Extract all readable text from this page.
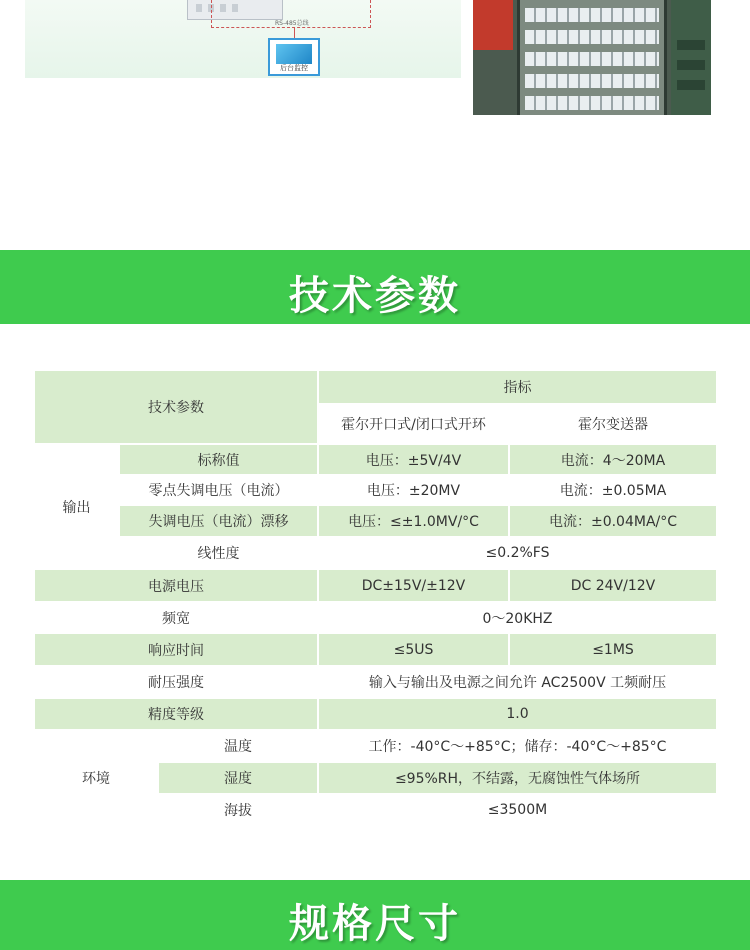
RS-485总线
后台监控
技术参数
技术参数			指标	
			霍尔开口式/闭口式开环	霍尔变送器
输出	标称值		电压：±5V/4V	电流：4～20MA
	零点失调电压（电流）		电压：±20MV	电流：±0.05MA
	失调电压（电流）漂移		电压：≤±1.0MV/°C	电流：±0.04MA/°C
	线性度		≤0.2%FS	
电源电压			DC±15V/±12V	DC 24V/12V
频宽			0～20KHZ	
响应时间			≤5US	≤1MS
耐压强度			输入与输出及电源之间允许 AC2500V 工频耐压	
精度等级			1.0	
环境		温度	工作：-40°C～+85°C；储存：-40°C～+85°C	
		湿度	≤95%RH，不结露，无腐蚀性气体场所	
		海拔	≤3500M	
规格尺寸
